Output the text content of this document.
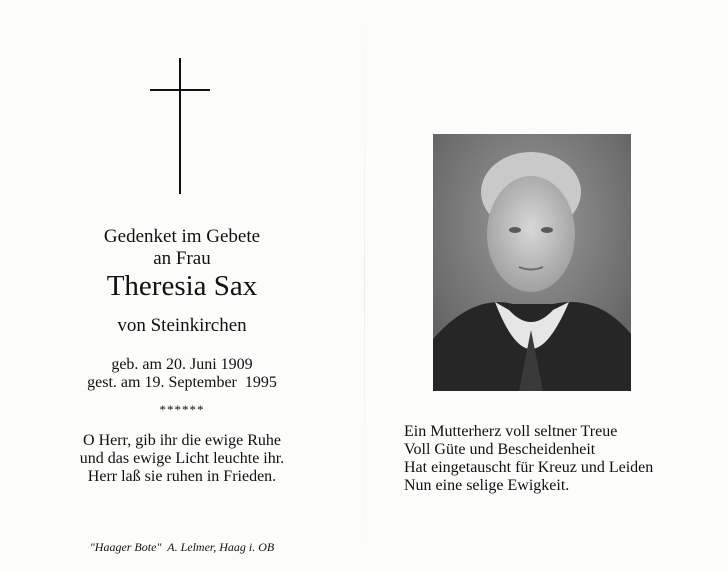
Gedenket im Gebete
an Frau
Theresia Sax
von Steinkirchen
geb. am 20. Juni 1909
gest. am 19. September  1995
******
O Herr, gib ihr die ewige Ruhe
und das ewige Licht leuchte ihr.
Herr laß sie ruhen in Frieden.
"Haager Bote"  A. Lelmer, Haag i. OB
Ein Mutterherz voll seltner Treue
Voll Güte und Bescheidenheit
Hat eingetauscht für Kreuz und Leiden
Nun eine selige Ewigkeit.
